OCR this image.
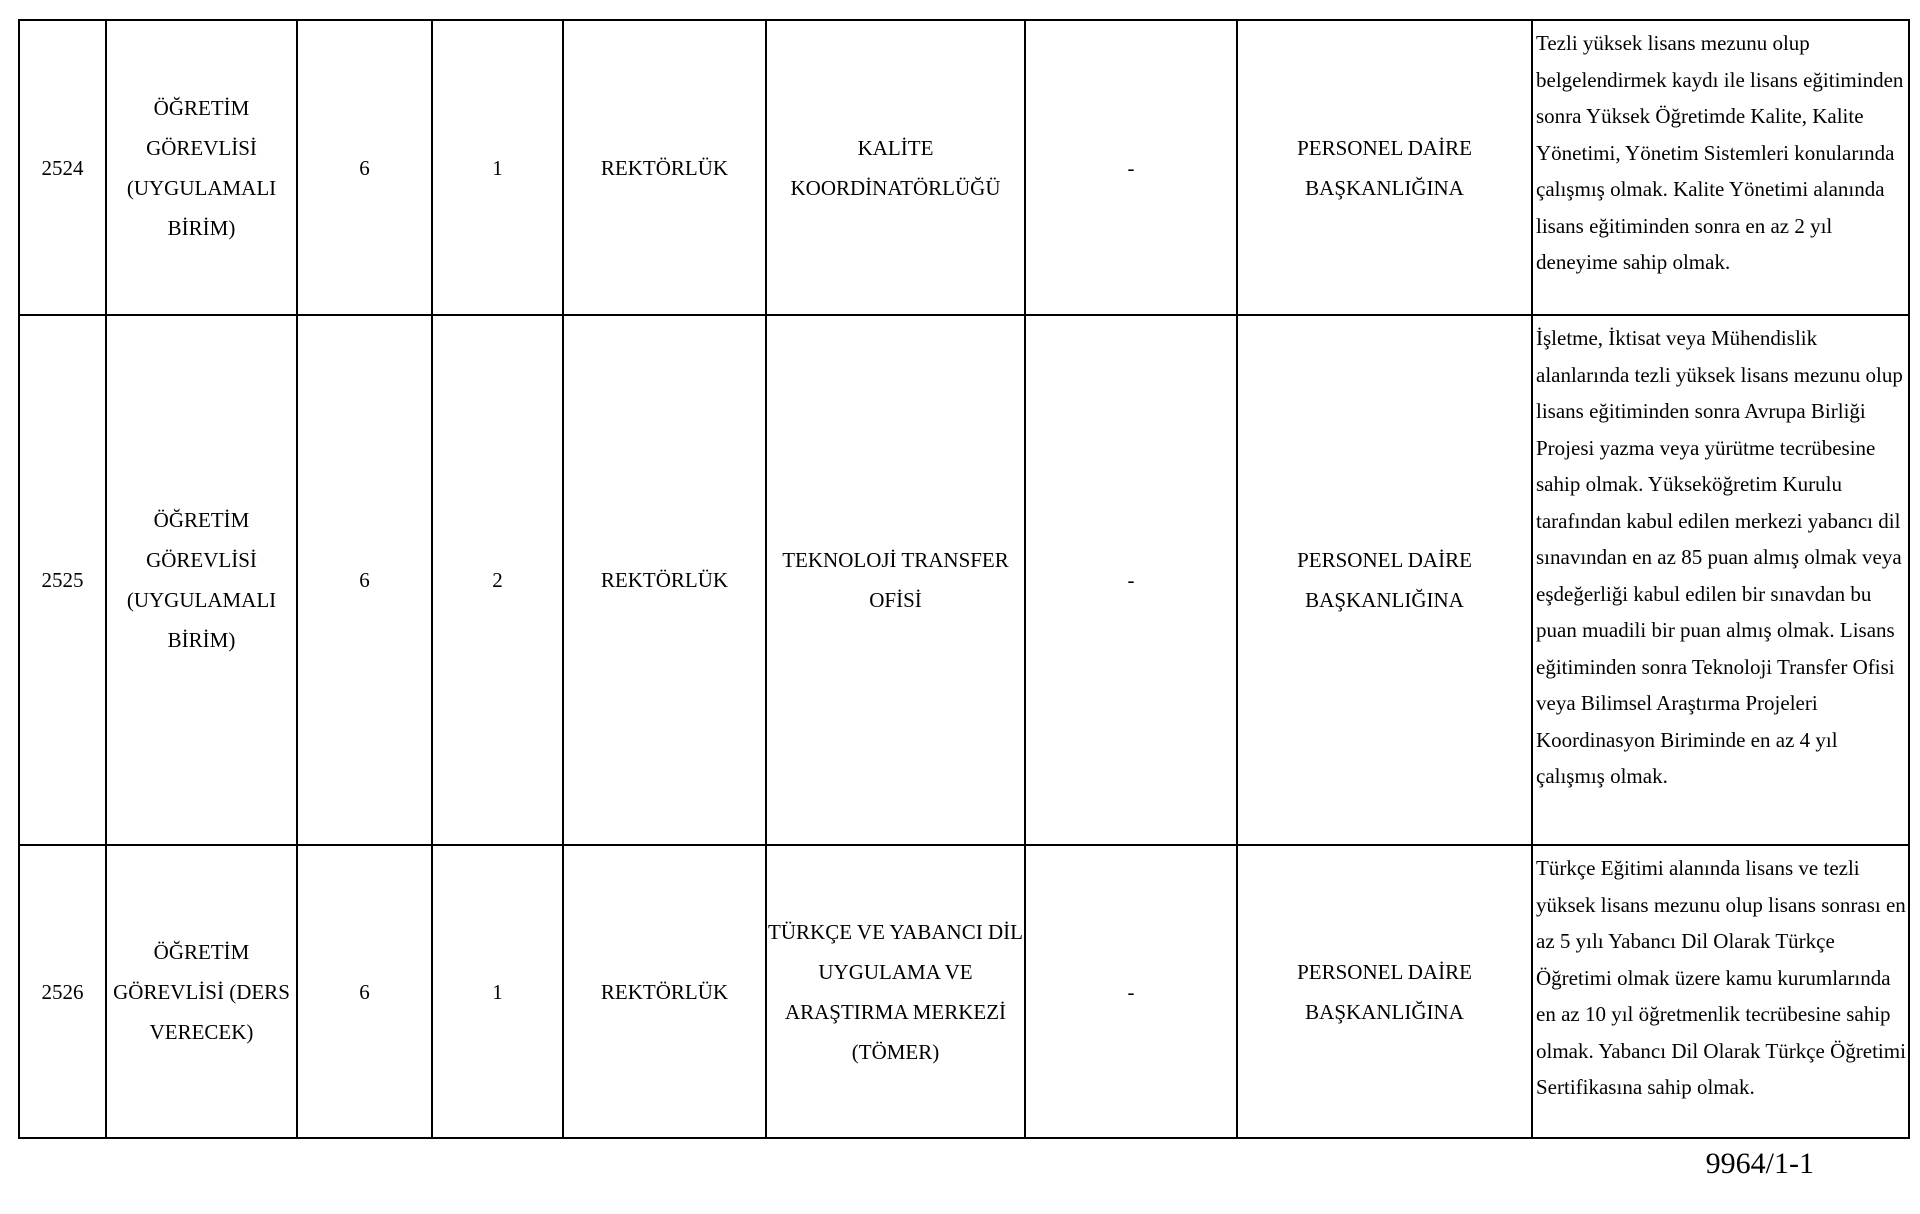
2524	ÖĞRETİM GÖREVLİSİ (UYGULAMALI BİRİM)	6	1	REKTÖRLÜK	KALİTE KOORDİNATÖRLÜĞÜ	-	PERSONEL DAİRE BAŞKANLIĞINA	Tezli yüksek lisans mezunu olup belgelendirmek kaydı ile lisans eğitiminden sonra Yüksek Öğretimde Kalite, Kalite Yönetimi, Yönetim Sistemleri konularında çalışmış olmak. Kalite Yönetimi alanında lisans eğitiminden sonra en az 2 yıl deneyime sahip olmak.
2525	ÖĞRETİM GÖREVLİSİ (UYGULAMALI BİRİM)	6	2	REKTÖRLÜK	TEKNOLOJİ TRANSFER OFİSİ	-	PERSONEL DAİRE BAŞKANLIĞINA	İşletme, İktisat veya Mühendislik alanlarında tezli yüksek lisans mezunu olup lisans eğitiminden sonra Avrupa Birliği Projesi yazma veya yürütme tecrübesine sahip olmak. Yükseköğretim Kurulu tarafından kabul edilen merkezi yabancı dil sınavından en az 85 puan almış olmak veya eşdeğerliği kabul edilen bir sınavdan bu puan muadili bir puan almış olmak. Lisans eğitiminden sonra Teknoloji Transfer Ofisi veya Bilimsel Araştırma Projeleri Koordinasyon Biriminde en az 4 yıl çalışmış olmak.
2526	ÖĞRETİM GÖREVLİSİ (DERS VERECEK)	6	1	REKTÖRLÜK	TÜRKÇE VE YABANCI DİL UYGULAMA VE ARAŞTIRMA MERKEZİ (TÖMER)	-	PERSONEL DAİRE BAŞKANLIĞINA	Türkçe Eğitimi alanında lisans ve tezli yüksek lisans mezunu olup lisans sonrası en az 5 yılı Yabancı Dil Olarak Türkçe Öğretimi olmak üzere kamu kurumlarında en az 10 yıl öğretmenlik tecrübesine sahip olmak. Yabancı Dil Olarak Türkçe Öğretimi Sertifikasına sahip olmak.
9964/1-1
